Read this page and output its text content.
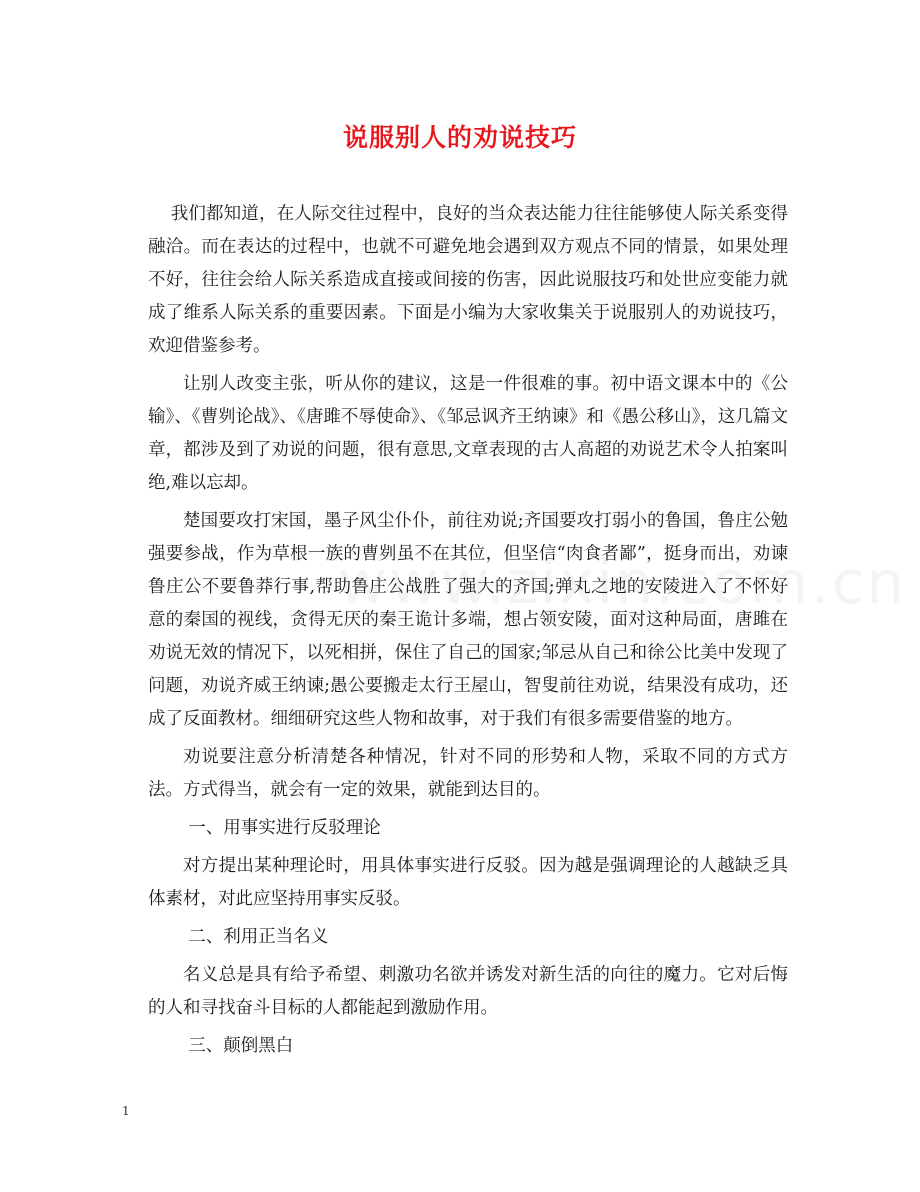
说服别人的劝说技巧

我们都知道，在人际交往过程中，良好的当众表达能力往往能够使人际关系变得融洽。而在表达的过程中，也就不可避免地会遇到双方观点不同的情景，如果处理不好，往往会给人际关系造成直接或间接的伤害，因此说服技巧和处世应变能力就成了维系人际关系的重要因素。下面是小编为大家收集关于说服别人的劝说技巧，欢迎借鉴参考。

让别人改变主张，听从你的建议，这是一件很难的事。初中语文课本中的《公输》、《曹刿论战》、《唐雎不辱使命》、《邹忌讽齐王纳谏》和《愚公移山》，这几篇文章，都涉及到了劝说的问题，很有意思,文章表现的古人高超的劝说艺术令人拍案叫绝,难以忘却。

楚国要攻打宋国，墨子风尘仆仆，前往劝说;齐国要攻打弱小的鲁国，鲁庄公勉强要参战，作为草根一族的曹刿虽不在其位，但坚信“肉食者鄙”，挺身而出，劝谏鲁庄公不要鲁莽行事,帮助鲁庄公战胜了强大的齐国;弹丸之地的安陵进入了不怀好意的秦国的视线，贪得无厌的秦王诡计多端，想占领安陵，面对这种局面，唐雎在劝说无效的情况下，以死相拼，保住了自己的国家;邹忌从自己和徐公比美中发现了问题，劝说齐威王纳谏;愚公要搬走太行王屋山，智叟前往劝说，结果没有成功，还成了反面教材。细细研究这些人物和故事，对于我们有很多需要借鉴的地方。

劝说要注意分析清楚各种情况，针对不同的形势和人物，采取不同的方式方法。方式得当，就会有一定的效果，就能到达目的。

一、用事实进行反驳理论

对方提出某种理论时，用具体事实进行反驳。因为越是强调理论的人越缺乏具体素材，对此应坚持用事实反驳。

二、利用正当名义

名义总是具有给予希望、刺激功名欲并诱发对新生活的向往的魔力。它对后悔的人和寻找奋斗目标的人都能起到激励作用。

三、颠倒黑白

1
